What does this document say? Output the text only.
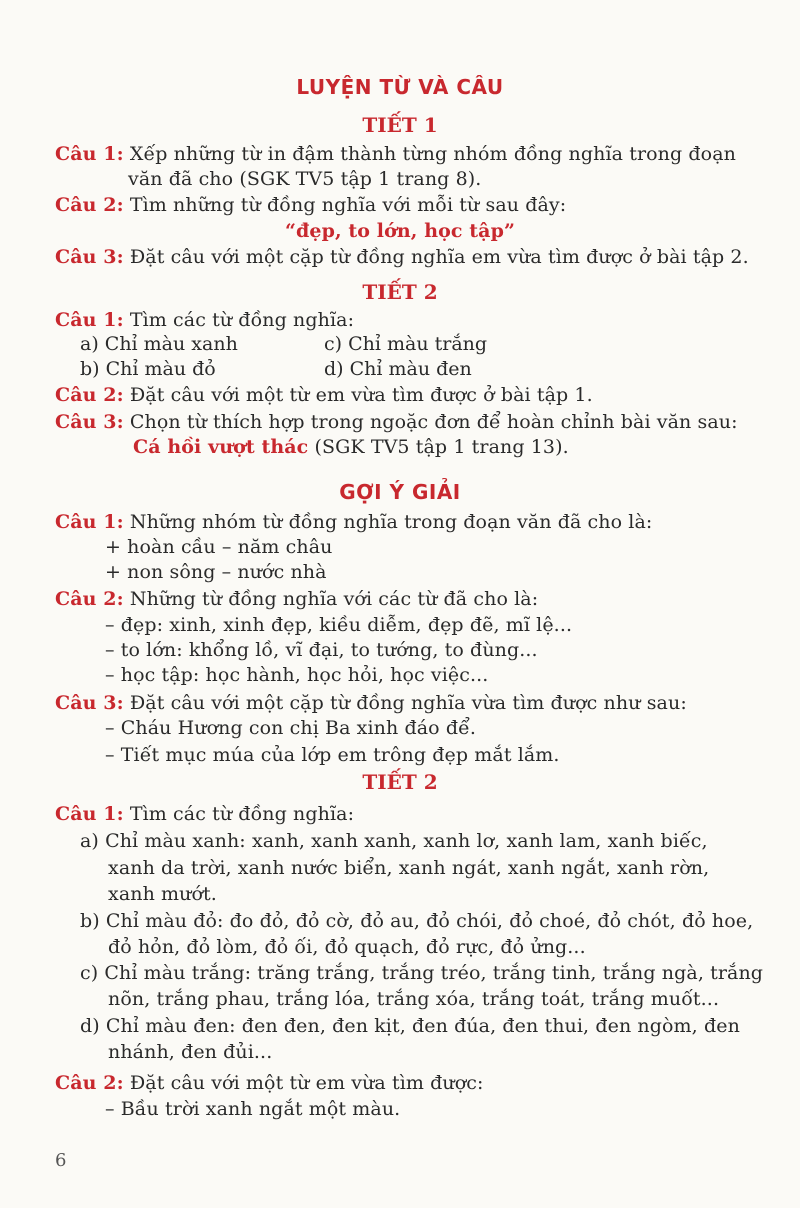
LUYỆN TỪ VÀ CÂU
TIẾT 1
Câu 1: Xếp những từ in đậm thành từng nhóm đồng nghĩa trong đoạn
văn đã cho (SGK TV5 tập 1 trang 8).
Câu 2: Tìm những từ đồng nghĩa với mỗi từ sau đây:
“đẹp, to lớn, học tập”
Câu 3: Đặt câu với một cặp từ đồng nghĩa em vừa tìm được ở bài tập 2.
TIẾT 2
Câu 1: Tìm các từ đồng nghĩa:
a) Chỉ màu xanh	c) Chỉ màu trắng
b) Chỉ màu đỏ	d) Chỉ màu đen
Câu 2: Đặt câu với một từ em vừa tìm được ở bài tập 1.
Câu 3: Chọn từ thích hợp trong ngoặc đơn để hoàn chỉnh bài văn sau:
Cá hồi vượt thác (SGK TV5 tập 1 trang 13).
GỢI Ý GIẢI
Câu 1: Những nhóm từ đồng nghĩa trong đoạn văn đã cho là:
+ hoàn cầu – năm châu
+ non sông – nước nhà
Câu 2: Những từ đồng nghĩa với các từ đã cho là:
– đẹp: xinh, xinh đẹp, kiều diễm, đẹp đẽ, mĩ lệ...
– to lớn: khổng lồ, vĩ đại, to tướng, to đùng...
– học tập: học hành, học hỏi, học việc...
Câu 3: Đặt câu với một cặp từ đồng nghĩa vừa tìm được như sau:
– Cháu Hương con chị Ba xinh đáo để.
– Tiết mục múa của lớp em trông đẹp mắt lắm.
TIẾT 2
Câu 1: Tìm các từ đồng nghĩa:
a) Chỉ màu xanh: xanh, xanh xanh, xanh lơ, xanh lam, xanh biếc,
xanh da trời, xanh nước biển, xanh ngát, xanh ngắt, xanh rờn,
xanh mướt.
b) Chỉ màu đỏ: đo đỏ, đỏ cờ, đỏ au, đỏ chói, đỏ choé, đỏ chót, đỏ hoe,
đỏ hỏn, đỏ lòm, đỏ ối, đỏ quạch, đỏ rực, đỏ ửng...
c) Chỉ màu trắng: trăng trắng, trắng tréo, trắng tinh, trắng ngà, trắng
nõn, trắng phau, trắng lóa, trắng xóa, trắng toát, trắng muốt...
d) Chỉ màu đen: đen đen, đen kịt, đen đúa, đen thui, đen ngòm, đen
nhánh, đen đủi...
Câu 2: Đặt câu với một từ em vừa tìm được:
– Bầu trời xanh ngắt một màu.
6
